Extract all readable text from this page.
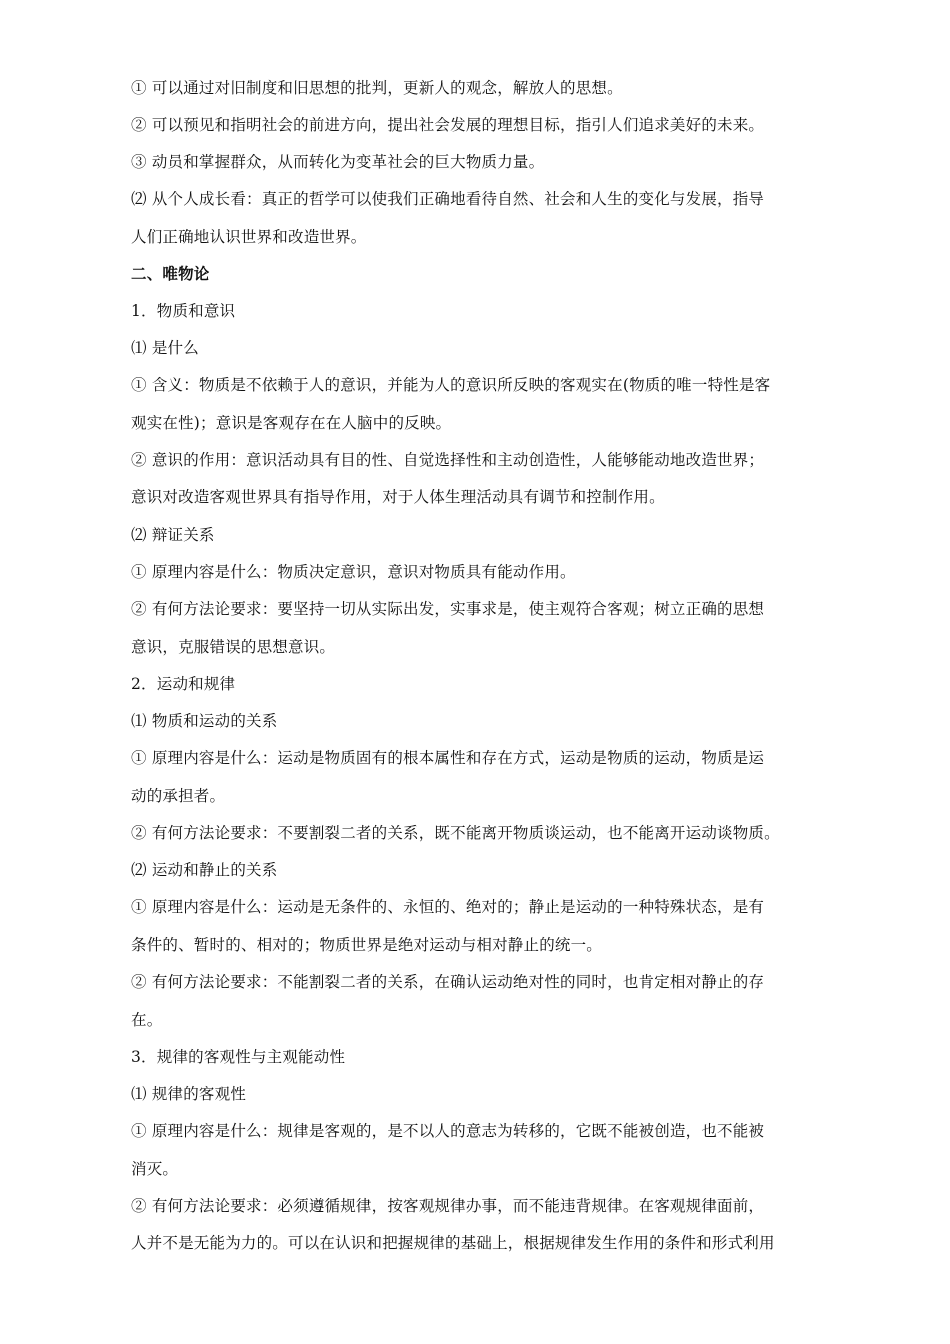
① 可以通过对旧制度和旧思想的批判，更新人的观念，解放人的思想。
② 可以预见和指明社会的前进方向，提出社会发展的理想目标，指引人们追求美好的未来。
③ 动员和掌握群众，从而转化为变革社会的巨大物质力量。
⑵ 从个人成长看：真正的哲学可以使我们正确地看待自然、社会和人生的变化与发展，指导
人们正确地认识世界和改造世界。
二、唯物论
1．物质和意识
⑴ 是什么
① 含义：物质是不依赖于人的意识，并能为人的意识所反映的客观实在(物质的唯一特性是客
观实在性)；意识是客观存在在人脑中的反映。
② 意识的作用：意识活动具有目的性、自觉选择性和主动创造性，人能够能动地改造世界；
意识对改造客观世界具有指导作用，对于人体生理活动具有调节和控制作用。
⑵ 辩证关系
① 原理内容是什么：物质决定意识，意识对物质具有能动作用。
② 有何方法论要求：要坚持一切从实际出发，实事求是，使主观符合客观；树立正确的思想
意识，克服错误的思想意识。
2．运动和规律
⑴ 物质和运动的关系
① 原理内容是什么：运动是物质固有的根本属性和存在方式，运动是物质的运动，物质是运
动的承担者。
② 有何方法论要求：不要割裂二者的关系，既不能离开物质谈运动，也不能离开运动谈物质。
⑵ 运动和静止的关系
① 原理内容是什么：运动是无条件的、永恒的、绝对的；静止是运动的一种特殊状态，是有
条件的、暂时的、相对的；物质世界是绝对运动与相对静止的统一。
② 有何方法论要求：不能割裂二者的关系，在确认运动绝对性的同时，也肯定相对静止的存
在。
3．规律的客观性与主观能动性
⑴ 规律的客观性
① 原理内容是什么：规律是客观的，是不以人的意志为转移的，它既不能被创造，也不能被
消灭。
② 有何方法论要求：必须遵循规律，按客观规律办事，而不能违背规律。在客观规律面前，
人并不是无能为力的。可以在认识和把握规律的基础上，根据规律发生作用的条件和形式利用
